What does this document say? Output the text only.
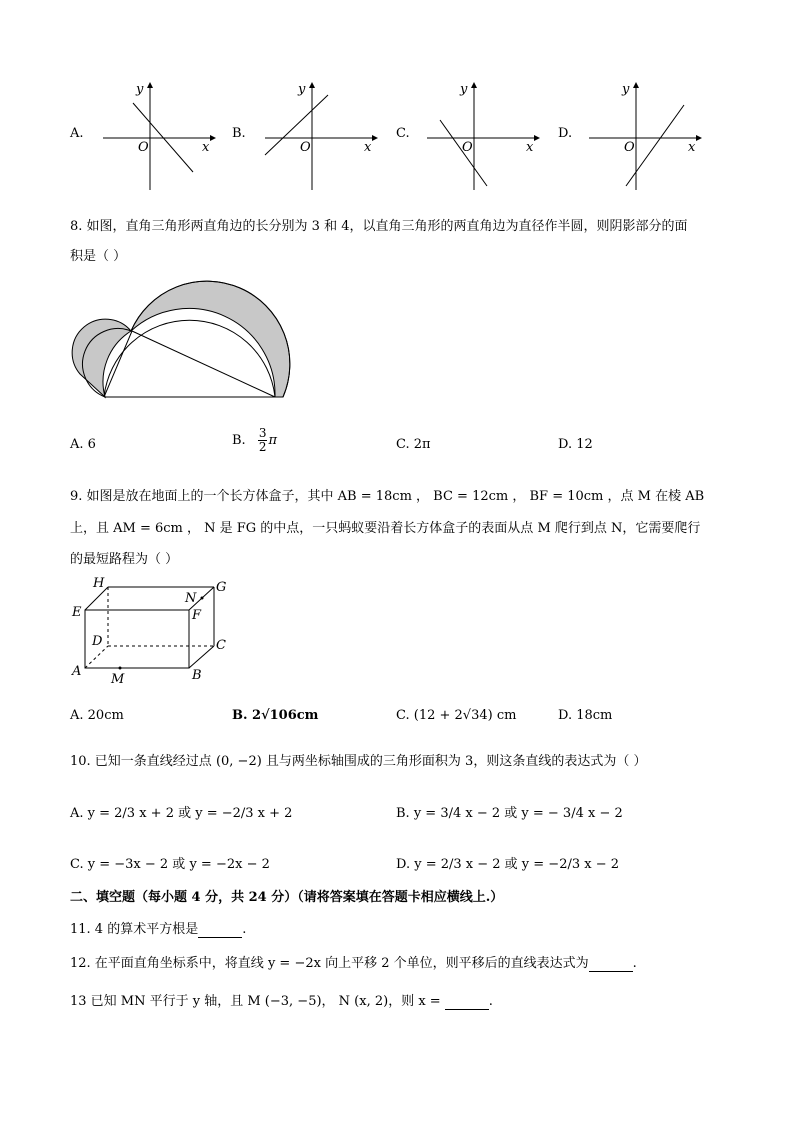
A.
y
x
O
B.
y
x
O
C.
y
x
O
D.
y
x
O
8. 如图，直角三角形两直角边的长分别为 3 和 4，以直角三角形的两直角边为直径作半圆，则阴影部分的面
积是（ ）
A. 6	B. $\frac{3}{2}$ π	C. 2π	D. 12
9. 如图是放在地面上的一个长方体盒子，其中 AB = 18cm ， BC = 12cm ， BF = 10cm ，点 M 在棱 AB
上，且 AM = 6cm ， N 是 FG 的中点，一只蚂蚁要沿着长方体盒子的表面从点 M 爬行到点 N，它需要爬行
的最短路程为（ ）
H	G
E	F
N
D	C
A	B
M
A. 20cm	B. 2√106cm	C. (12 + 2√34) cm	D. 18cm
10. 已知一条直线经过点 (0, −2) 且与两坐标轴围成的三角形面积为 3，则这条直线的表达式为（ ）
A. y = 2/3 x + 2 或 y = −2/3 x + 2	B. y = 3/4 x − 2 或 y = − 3/4 x − 2
C. y = −3x − 2 或 y = −2x − 2	D. y = 2/3 x − 2 或 y = −2/3 x − 2
二、填空题（每小题 4 分，共 24 分）（请将答案填在答题卡相应横线上.）
11. 4 的算术平方根是	.
12. 在平面直角坐标系中，将直线 y = −2x 向上平移 2 个单位，则平移后的直线表达式为	.
13 已知 MN 平行于 y 轴，且 M (−3, −5)， N (x, 2)，则 x =	.
